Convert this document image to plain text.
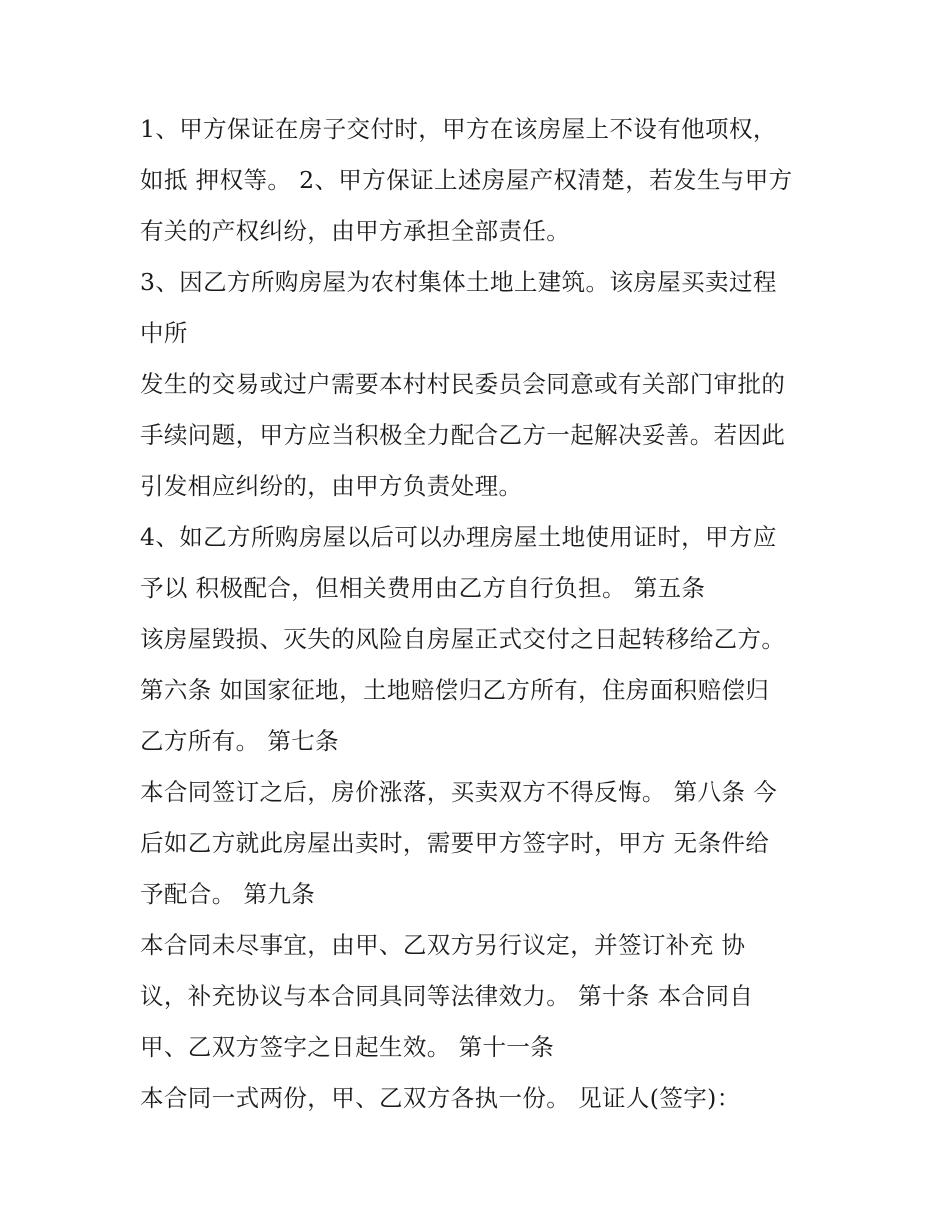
1、甲方保证在房子交付时，甲方在该房屋上不设有他项权，
如抵 押权等。 2、甲方保证上述房屋产权清楚，若发生与甲方
有关的产权纠纷，由甲方承担全部责任。
3、因乙方所购房屋为农村集体土地上建筑。该房屋买卖过程
中所
发生的交易或过户需要本村村民委员会同意或有关部门审批的
手续问题，甲方应当积极全力配合乙方一起解决妥善。若因此
引发相应纠纷的，由甲方负责处理。
4、如乙方所购房屋以后可以办理房屋土地使用证时，甲方应
予以 积极配合，但相关费用由乙方自行负担。 第五条
该房屋毁损、灭失的风险自房屋正式交付之日起转移给乙方。
第六条 如国家征地，土地赔偿归乙方所有，住房面积赔偿归
乙方所有。 第七条
本合同签订之后，房价涨落，买卖双方不得反悔。 第八条 今
后如乙方就此房屋出卖时，需要甲方签字时，甲方 无条件给
予配合。 第九条
本合同未尽事宜，由甲、乙双方另行议定，并签订补充 协
议，补充协议与本合同具同等法律效力。 第十条 本合同自
甲、乙双方签字之日起生效。 第十一条
本合同一式两份，甲、乙双方各执一份。 见证人(签字)：
